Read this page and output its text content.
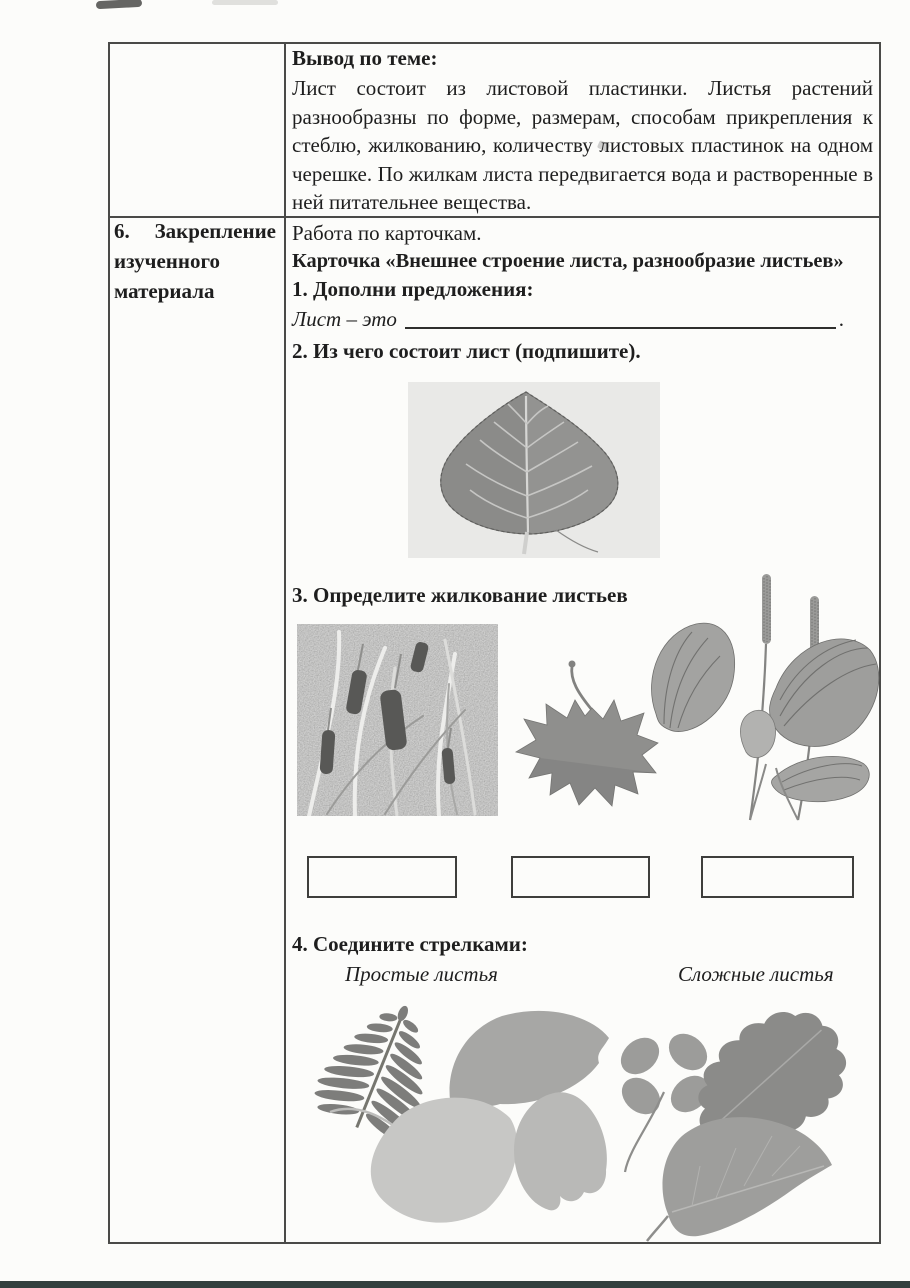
Вывод по теме:
Лист состоит из листовой пластинки. Листья растений разнообразны по форме, размерам, способам прикрепления к стеблю, жилкованию, количеству листовых пластинок на одном черешке. По жилкам листа передвигается вода и растворенные в ней питательнее вещества.
6. Закрепление
изученного
материала
Работа по карточкам.
Карточка «Внешнее строение листа, разнообразие листьев»
1. Дополни предложения:
Лист – это	.
2. Из чего состоит лист (подпишите).
3. Определите жилкование листьев
4. Соедините стрелками:
Простые листья	Сложные листья
